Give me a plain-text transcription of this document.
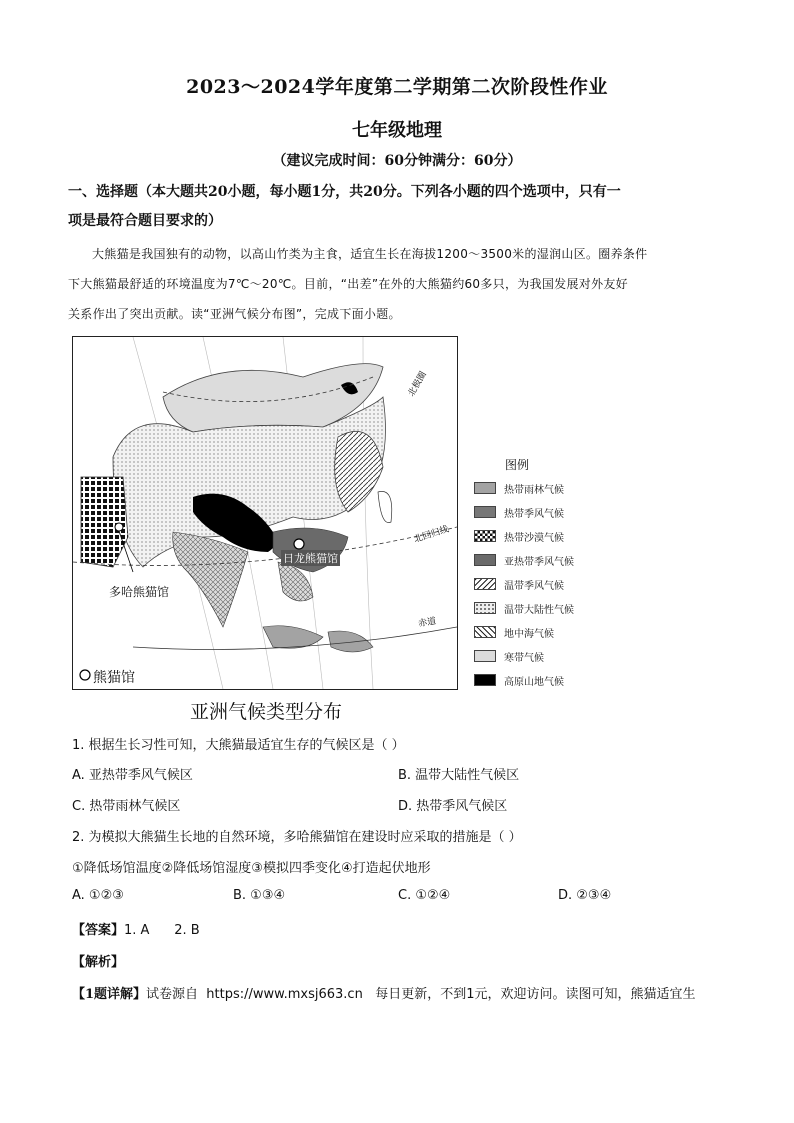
2023～2024学年度第二学期第二次阶段性作业
七年级地理
（建议完成时间：60分钟满分：60分）
一、选择题（本大题共20小题，每小题1分，共20分。下列各小题的四个选项中，只有一
项是最符合题目要求的）
大熊猫是我国独有的动物，以高山竹类为主食，适宜生长在海拔1200～3500米的湿润山区。圈养条件
下大熊猫最舒适的环境温度为7℃～20℃。目前，“出差”在外的大熊猫约60多只，为我国发展对外友好
关系作出了突出贡献。读“亚洲气候分布图”，完成下面小题。
北极圈
北回归线
赤道
多哈熊猫馆
日龙熊猫馆
熊猫馆
图例
热带雨林气候
热带季风气候
热带沙漠气候
亚热带季风气候
温带季风气候
温带大陆性气候
地中海气候
寒带气候
高原山地气候
亚洲气候类型分布
1. 根据生长习性可知，大熊猫最适宜生存的气候区是（ ）
A. 亚热带季风气候区	B. 温带大陆性气候区
C. 热带雨林气候区	D. 热带季风气候区
2. 为模拟大熊猫生长地的自然环境，多哈熊猫馆在建设时应采取的措施是（ ）
①降低场馆温度②降低场馆湿度③模拟四季变化④打造起伏地形
A. ①②③	B. ①③④	C. ①②④	D. ②③④
【答案】1. A      2. B
【解析】
【1题详解】试卷源自  https://www.mxsj663.cn   每日更新，不到1元，欢迎访问。读图可知，熊猫适宜生
